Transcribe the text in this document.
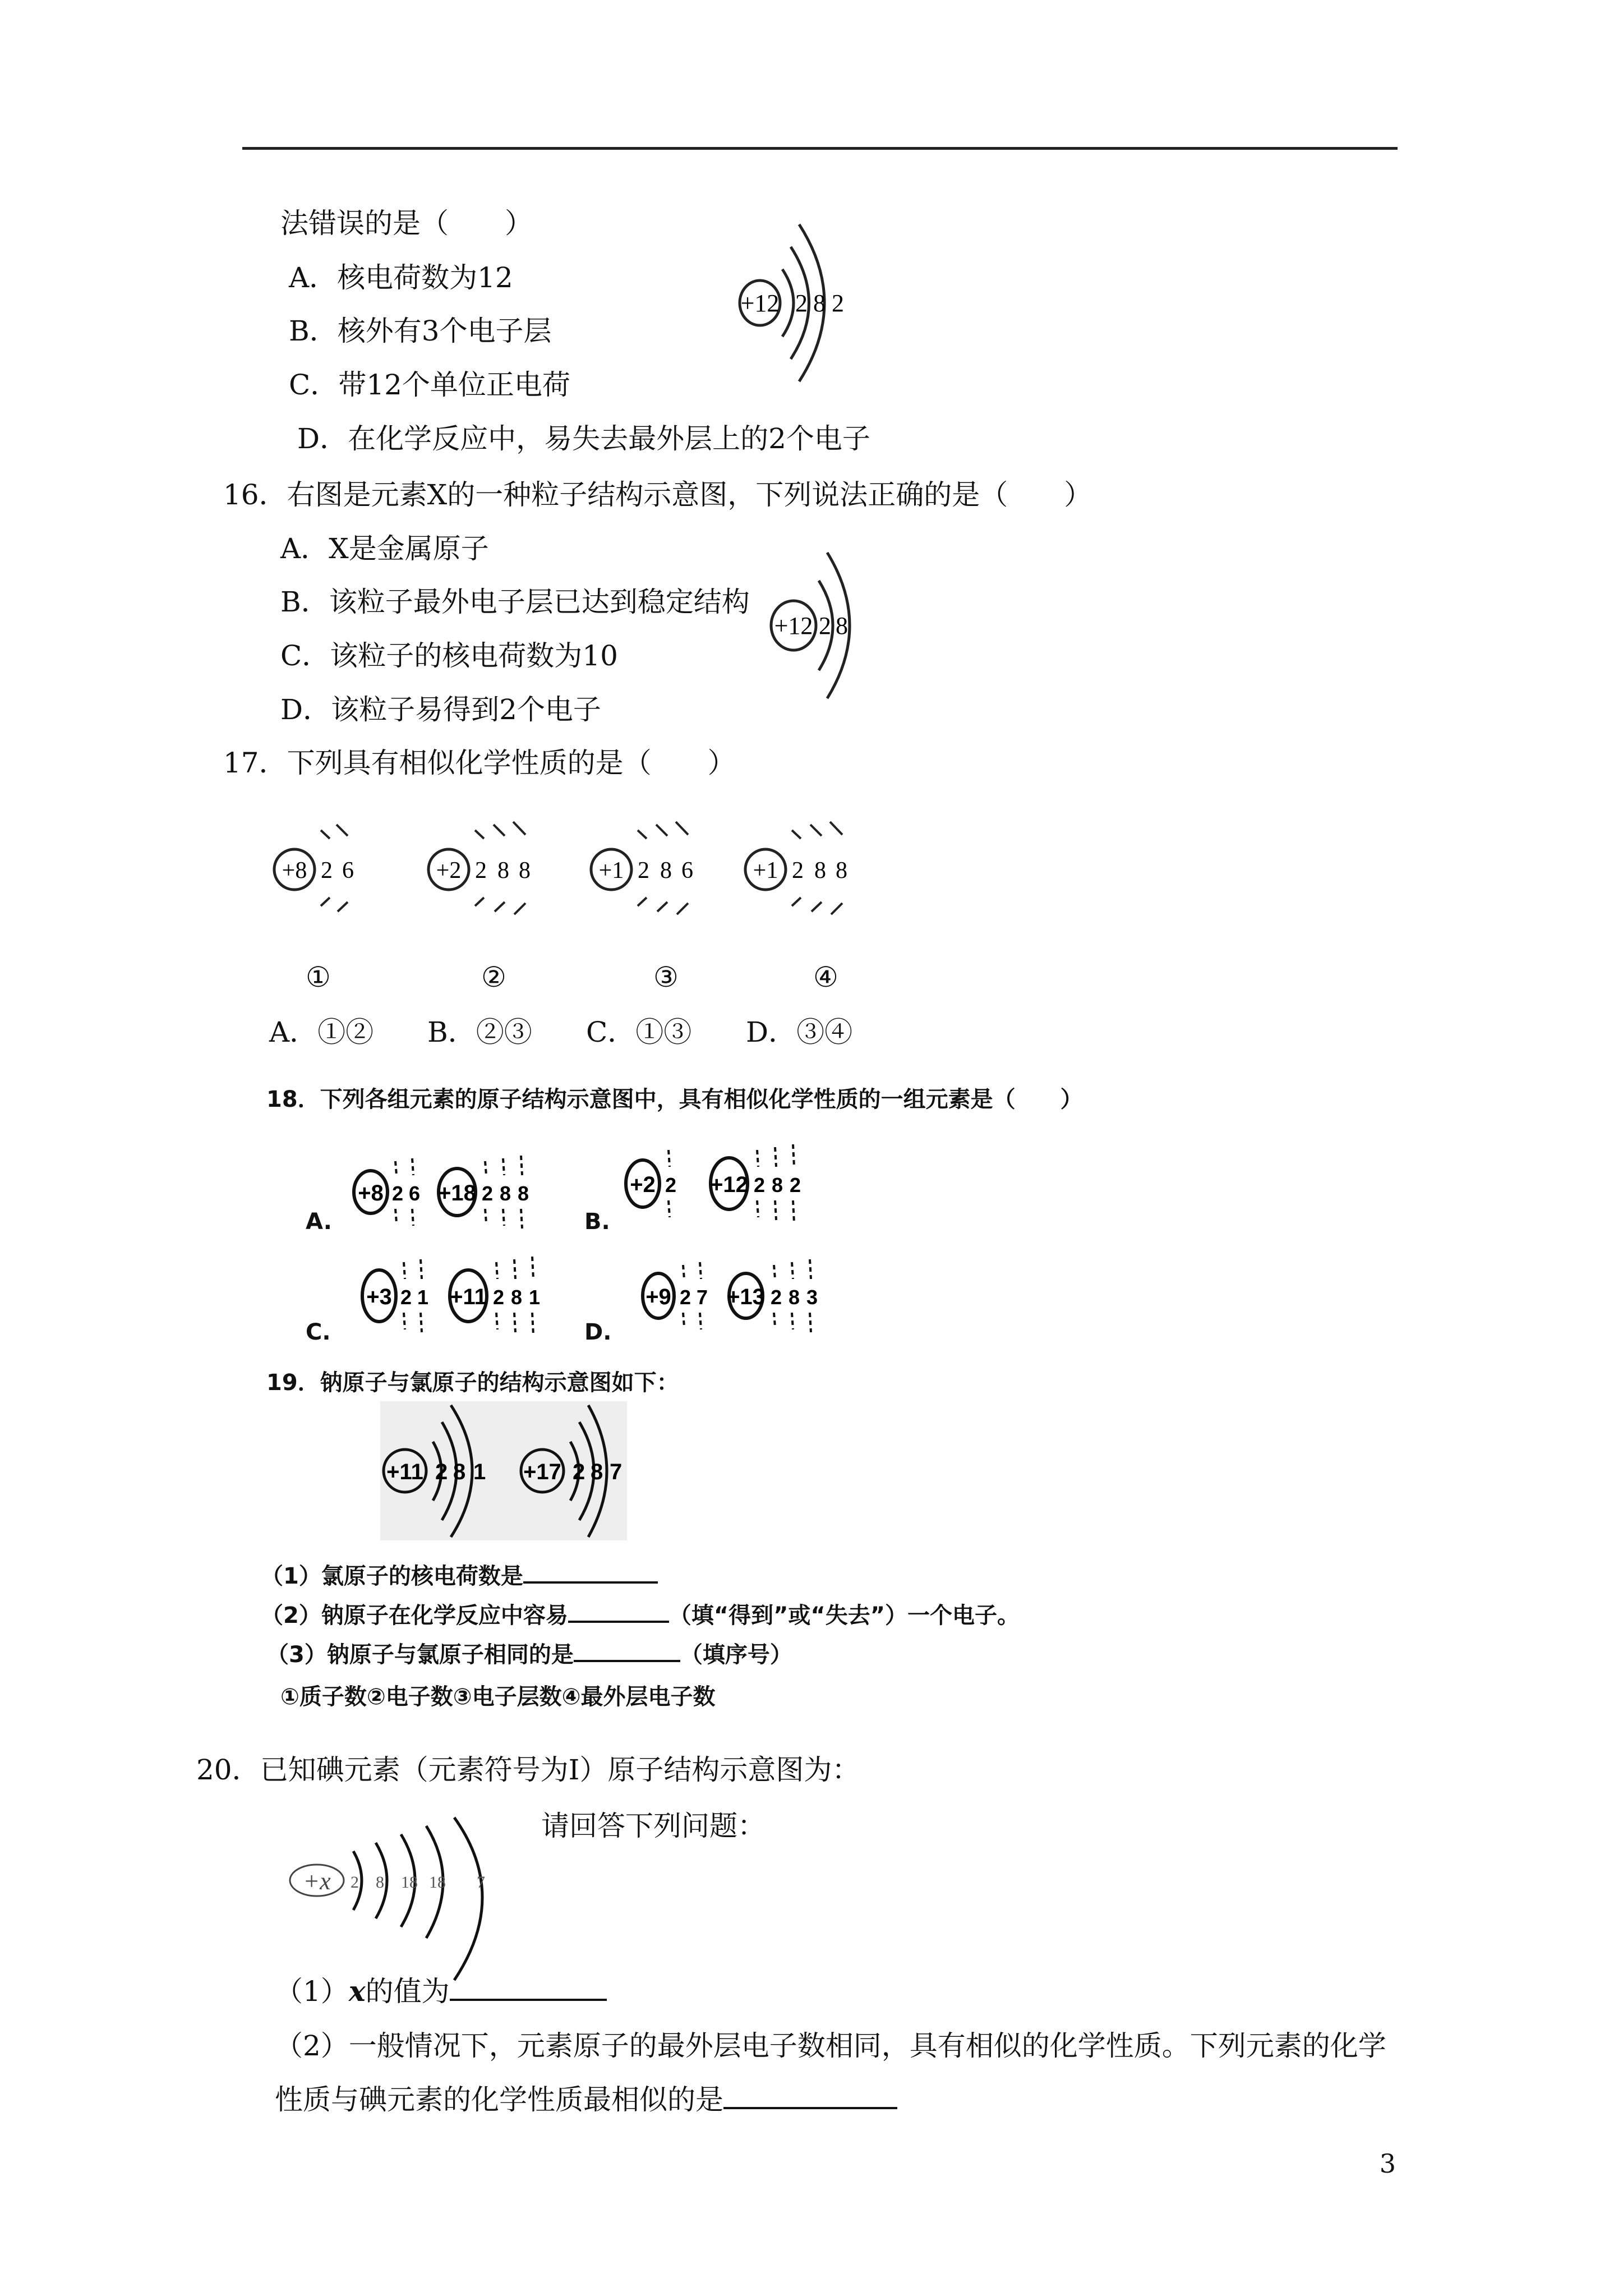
法错误的是（　　）
A．核电荷数为12
B．核外有3个电子层
C．带12个单位正电荷
D．在化学反应中，易失去最外层上的2个电子
+12 2 8 2
16．右图是元素X的一种粒子结构示意图，下列说法正确的是（　　）
A．X是金属原子
B．该粒子最外电子层已达到稳定结构
C．该粒子的核电荷数为10
D．该粒子易得到2个电子
+12 2 8
17．下列具有相似化学性质的是（　　）
+8 2 6	+2 2 8 8	+1 2 8 6	+1 2 8 8
①	②	③	④
A．①② B．②③ C．①③ D．③④
18．下列各组元素的原子结构示意图中，具有相似化学性质的一组元素是（　　）
A.
+8 2 6 +18 2 8 8
B.
+2 2 +12 2 8 2
C.
+3 2 1 +11 2 8 1
D.
+9 2 7 +13 2 8 3
19．钠原子与氯原子的结构示意图如下：
+11 2 8 1 +17 2 8 7
（1）氯原子的核电荷数是
（2）钠原子在化学反应中容易	（填“得到”或“失去”）一个电子。
（3）钠原子与氯原子相同的是	（填序号）
①质子数②电子数③电子层数④最外层电子数
20．已知碘元素（元素符号为I）原子结构示意图为：
请回答下列问题：
+x 2 8 18 18 7
（1）x的值为
（2）一般情况下，元素原子的最外层电子数相同，具有相似的化学性质。下列元素的化学
性质与碘元素的化学性质最相似的是
3
